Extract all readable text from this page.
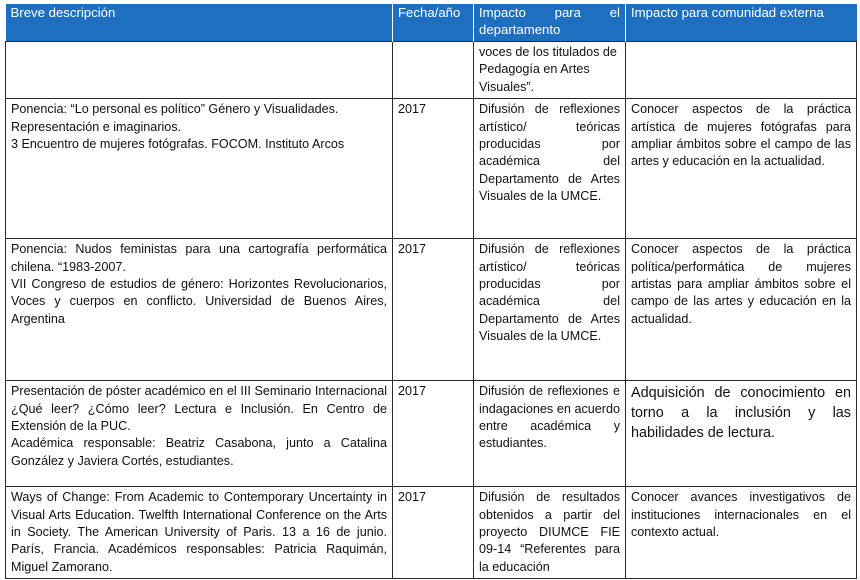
Breve descripción	Fecha/año	Impacto para el departamento	Impacto para comunidad externa
		voces de los titulados de Pedagogía en Artes Visuales”.	

Ponencia: “Lo personal es político” Género y Visualidades. Representación e imaginarios.
3 Encuentro de mujeres fotógrafas. FOCOM. Instituto Arcos	2017	Difusión de reflexiones artístico/ teóricas producidas por académica del Departamento de Artes Visuales de la UMCE.	Conocer aspectos de la práctica artística de mujeres fotógrafas para ampliar ámbitos sobre el campo de las artes y educación en la actualidad.

Ponencia: Nudos feministas para una cartografía performática chilena. “1983-2007.
VII Congreso de estudios de género: Horizontes Revolucionarios, Voces y cuerpos en conflicto. Universidad de Buenos Aires, Argentina	2017	Difusión de reflexiones artístico/ teóricas producidas por académica del Departamento de Artes Visuales de la UMCE.	Conocer aspectos de la práctica política/performática de mujeres artistas para ampliar ámbitos sobre el campo de las artes y educación en la actualidad.

Presentación de póster académico en el III Seminario Internacional ¿Qué leer? ¿Cómo leer? Lectura e Inclusión. En Centro de Extensión de la PUC.
Académica responsable: Beatriz Casabona, junto a Catalina González y Javiera Cortés, estudiantes.	2017	Difusión de reflexiones e indagaciones en acuerdo entre académica y estudiantes.	Adquisición de conocimiento en torno a la inclusión y las habilidades de lectura.

Ways of Change: From Academic to Contemporary Uncertainty in Visual Arts Education. Twelfth International Conference on the Arts in Society. The American University of Paris. 13 a 16 de junio. París, Francia. Académicos responsables: Patricia Raquimán, Miguel Zamorano.	2017	Difusión de resultados obtenidos a partir del proyecto DIUMCE FIE 09-14 “Referentes para la educación	Conocer avances investigativos de instituciones internacionales en el contexto actual.
